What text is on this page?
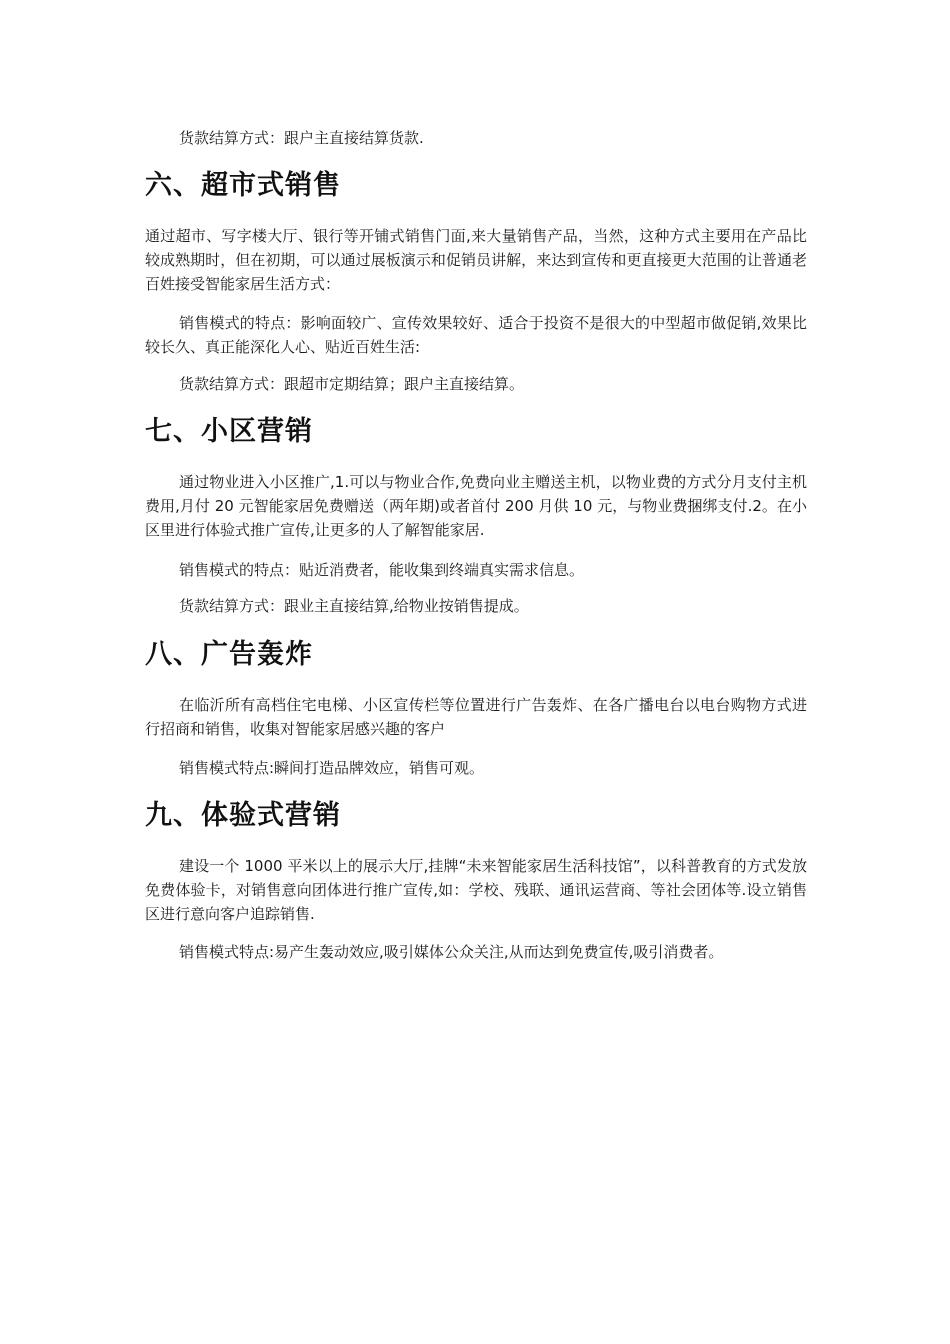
货款结算方式：跟户主直接结算货款.

六、超市式销售

通过超市、写字楼大厅、银行等开铺式销售门面,来大量销售产品，当然，这种方式主要用在产品比较成熟期时，但在初期，可以通过展板演示和促销员讲解，来达到宣传和更直接更大范围的让普通老百姓接受智能家居生活方式：

销售模式的特点：影响面较广、宣传效果较好、适合于投资不是很大的中型超市做促销,效果比较长久、真正能深化人心、贴近百姓生活:

货款结算方式：跟超市定期结算；跟户主直接结算。

七、小区营销

通过物业进入小区推广,1.可以与物业合作,免费向业主赠送主机，以物业费的方式分月支付主机费用,月付 20 元智能家居免费赠送（两年期)或者首付 200 月供 10 元，与物业费捆绑支付.2。在小区里进行体验式推广宣传,让更多的人了解智能家居.

销售模式的特点：贴近消费者，能收集到终端真实需求信息。

货款结算方式：跟业主直接结算,给物业按销售提成。

八、广告轰炸

在临沂所有高档住宅电梯、小区宣传栏等位置进行广告轰炸、在各广播电台以电台购物方式进行招商和销售，收集对智能家居感兴趣的客户

销售模式特点:瞬间打造品牌效应，销售可观。

九、体验式营销

建设一个 1000 平米以上的展示大厅,挂牌“未来智能家居生活科技馆”，以科普教育的方式发放免费体验卡，对销售意向团体进行推广宣传,如：学校、残联、通讯运营商、等社会团体等.设立销售区进行意向客户追踪销售.

销售模式特点:易产生轰动效应,吸引媒体公众关注,从而达到免费宣传,吸引消费者。
